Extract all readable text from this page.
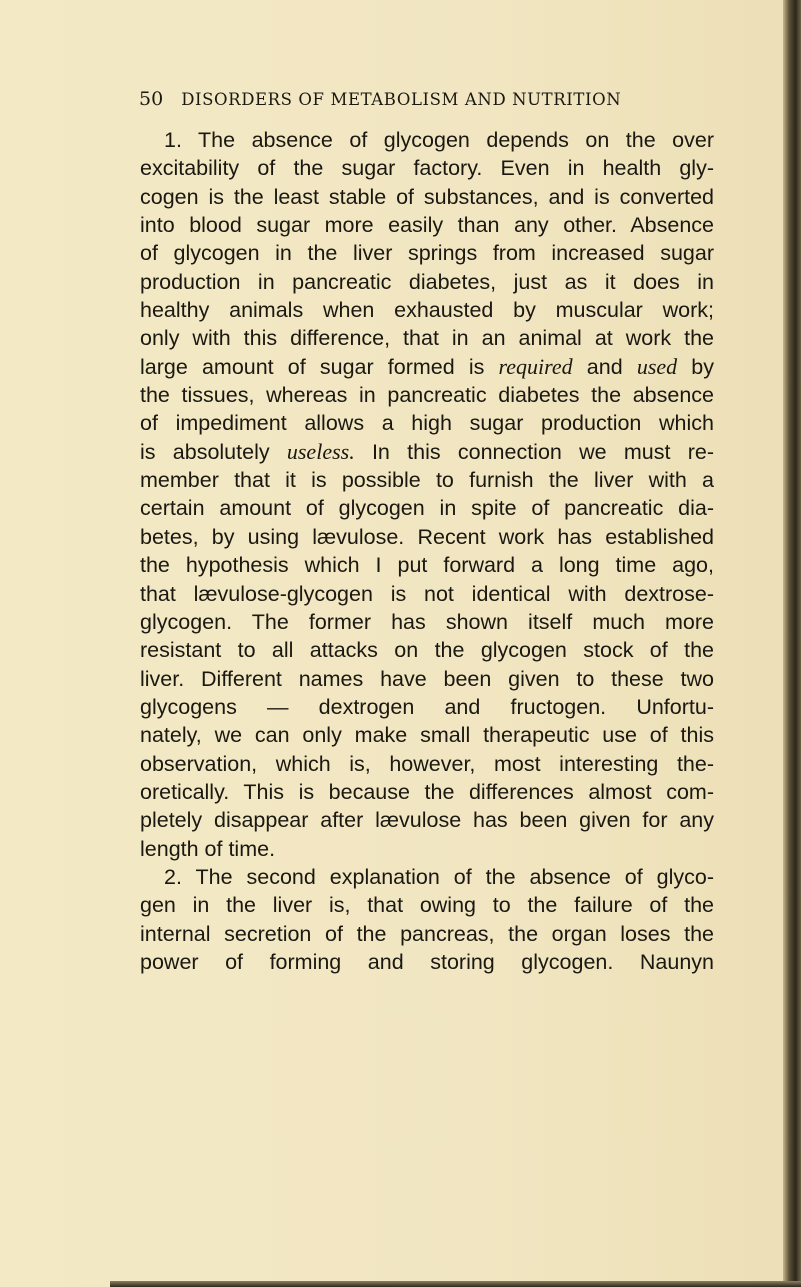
50 DISORDERS OF METABOLISM AND NUTRITION
1. The absence of glycogen depends on the over
excitability of the sugar factory. Even in health gly-
cogen is the least stable of substances, and is converted
into blood sugar more easily than any other. Absence
of glycogen in the liver springs from increased sugar
production in pancreatic diabetes, just as it does in
healthy animals when exhausted by muscular work;
only with this difference, that in an animal at work the
large amount of sugar formed is required and used by
the tissues, whereas in pancreatic diabetes the absence
of impediment allows a high sugar production which
is absolutely useless. In this connection we must re-
member that it is possible to furnish the liver with a
certain amount of glycogen in spite of pancreatic dia-
betes, by using lævulose. Recent work has established
the hypothesis which I put forward a long time ago,
that lævulose-glycogen is not identical with dextrose-
glycogen. The former has shown itself much more
resistant to all attacks on the glycogen stock of the
liver. Different names have been given to these two
glycogens — dextrogen and fructogen. Unfortu-
nately, we can only make small therapeutic use of this
observation, which is, however, most interesting the-
oretically. This is because the differences almost com-
pletely disappear after lævulose has been given for any
length of time.
2. The second explanation of the absence of glyco-
gen in the liver is, that owing to the failure of the
internal secretion of the pancreas, the organ loses the
power of forming and storing glycogen. Naunyn
